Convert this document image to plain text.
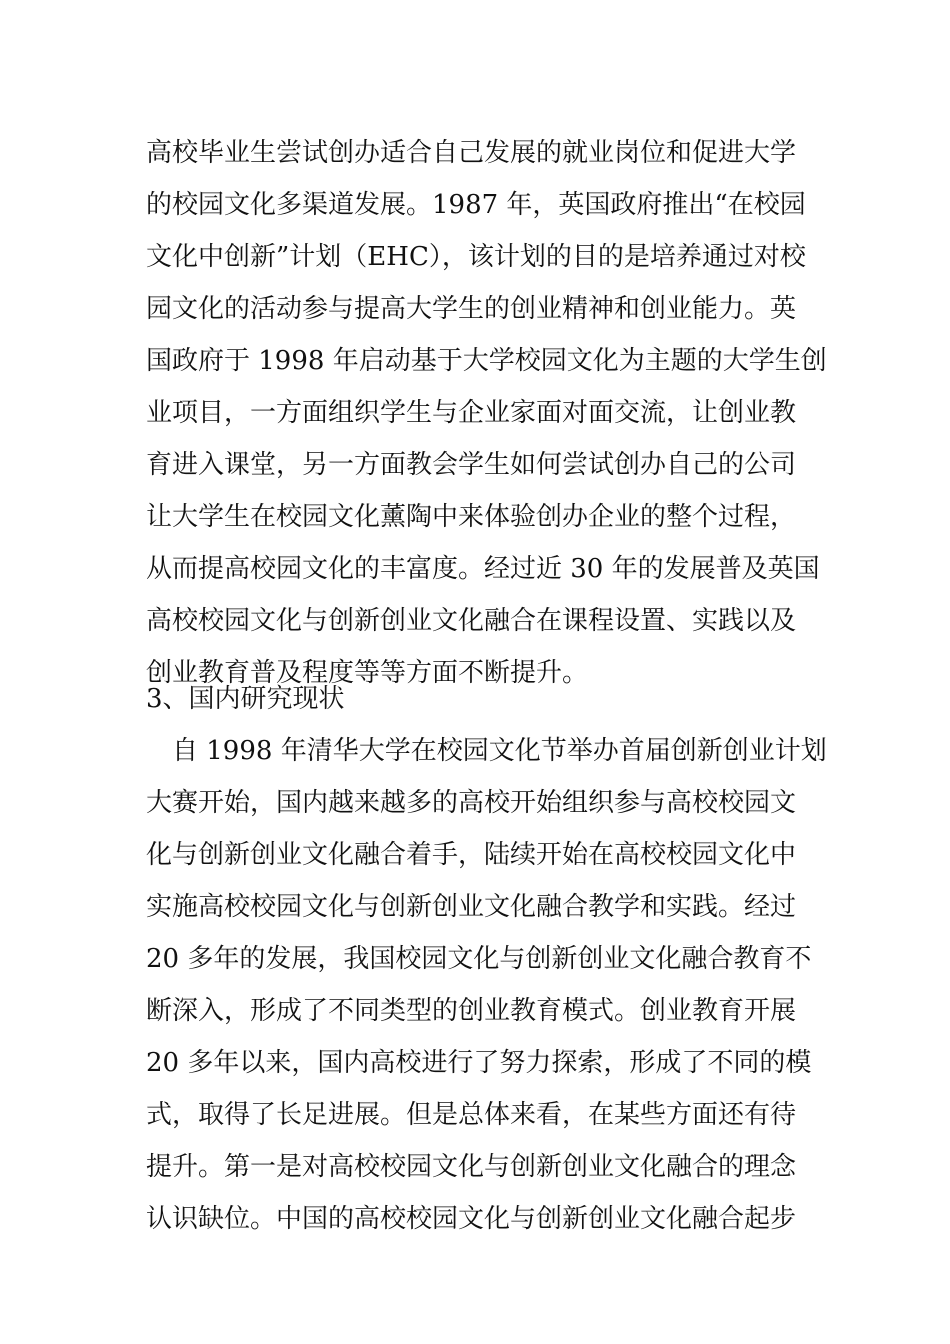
高校毕业生尝试创办适合自己发展的就业岗位和促进大学
的校园文化多渠道发展。1987 年，英国政府推出“在校园
文化中创新”计划（EHC），该计划的目的是培养通过对校
园文化的活动参与提高大学生的创业精神和创业能力。英
国政府于 1998 年启动基于大学校园文化为主题的大学生创
业项目，一方面组织学生与企业家面对面交流，让创业教
育进入课堂，另一方面教会学生如何尝试创办自己的公司
让大学生在校园文化薰陶中来体验创办企业的整个过程，
从而提高校园文化的丰富度。经过近 30 年的发展普及英国
高校校园文化与创新创业文化融合在课程设置、实践以及
创业教育普及程度等等方面不断提升。
3、国内研究现状
　自 1998 年清华大学在校园文化节举办首届创新创业计划
大赛开始，国内越来越多的高校开始组织参与高校校园文
化与创新创业文化融合着手，陆续开始在高校校园文化中
实施高校校园文化与创新创业文化融合教学和实践。经过
20 多年的发展，我国校园文化与创新创业文化融合教育不
断深入，形成了不同类型的创业教育模式。创业教育开展
20 多年以来，国内高校进行了努力探索，形成了不同的模
式，取得了长足进展。但是总体来看，在某些方面还有待
提升。第一是对高校校园文化与创新创业文化融合的理念
认识缺位。中国的高校校园文化与创新创业文化融合起步
